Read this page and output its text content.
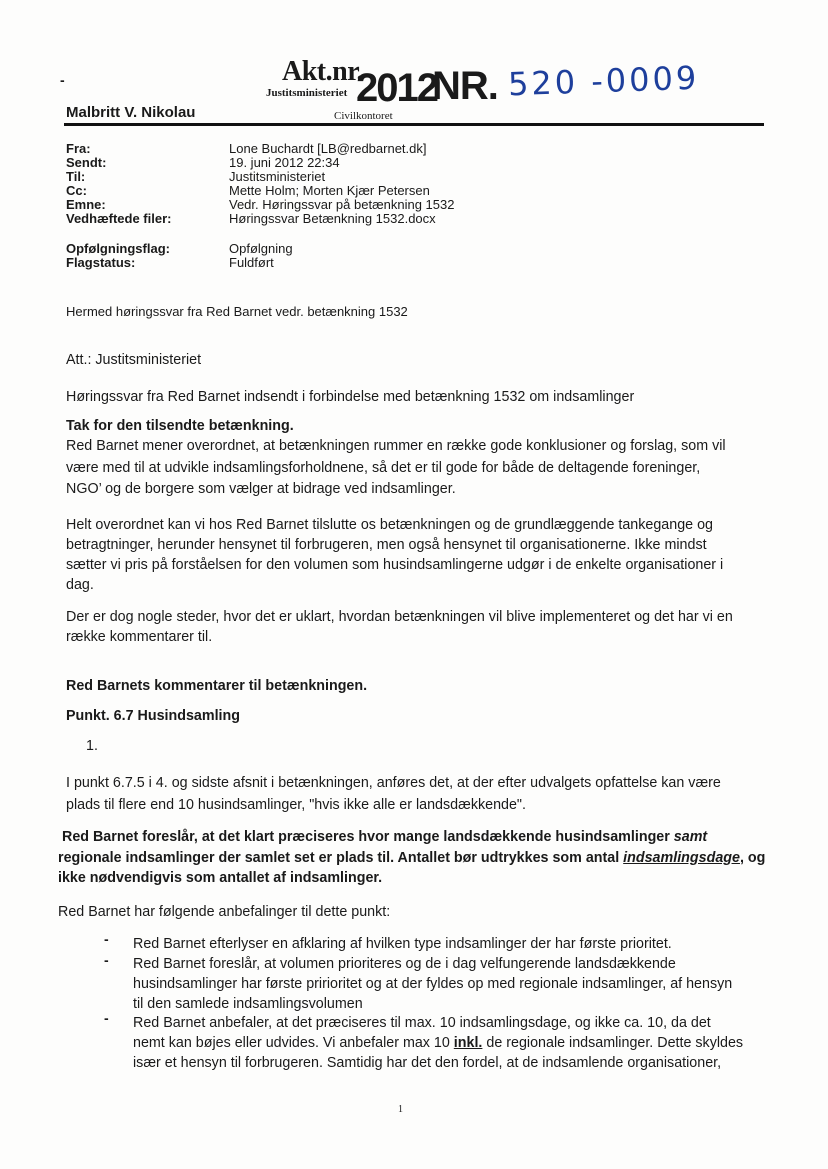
-	Akt.nr.
Justitsministeriet
Civilkontoret
2012
NR. 520 -0009
Malbritt V. Nikolau
Fra:	Lone Buchardt [LB@redbarnet.dk]
Sendt:	19. juni 2012 22:34
Til:	Justitsministeriet
Cc:	Mette Holm; Morten Kjær Petersen
Emne:	Vedr. Høringssvar på betænkning 1532
Vedhæftede filer:	Høringssvar Betænkning 1532.docx
Opfølgningsflag:	Opfølgning
Flagstatus:	Fuldført
Hermed høringssvar fra Red Barnet vedr. betænkning 1532
Att.: Justitsministeriet
Høringssvar fra Red Barnet indsendt i forbindelse med betænkning 1532 om indsamlinger
Tak for den tilsendte betænkning.
Red Barnet mener overordnet, at betænkningen rummer en række gode konklusioner og forslag, som vil
være med til at udvikle indsamlingsforholdnene, så det er til gode for både de deltagende foreninger,
NGO’ og de borgere som vælger at bidrage ved indsamlinger.
Helt overordnet kan vi hos Red Barnet tilslutte os betænkningen og de grundlæggende tankegange og
betragtninger, herunder hensynet til forbrugeren, men også hensynet til organisationerne. Ikke mindst
sætter vi pris på forståelsen for den volumen som husindsamlingerne udgør i de enkelte organisationer i
dag.
Der er dog nogle steder, hvor det er uklart, hvordan betænkningen vil blive implementeret og det har vi en
række kommentarer til.
Red Barnets kommentarer til betænkningen.
Punkt. 6.7 Husindsamling
1.
I punkt 6.7.5 i 4. og sidste afsnit i betænkningen, anføres det, at der efter udvalgets opfattelse kan være
plads til flere end 10 husindsamlinger, "hvis ikke alle er landsdækkende".
Red Barnet foreslår, at det klart præciseres hvor mange landsdækkende husindsamlinger samt
regionale indsamlinger der samlet set er plads til. Antallet bør udtrykkes som antal indsamlingsdage, og
ikke nødvendigvis som antallet af indsamlinger.
Red Barnet har følgende anbefalinger til dette punkt:
- Red Barnet efterlyser en afklaring af hvilken type indsamlinger der har første prioritet.
- Red Barnet foreslår, at volumen prioriteres og de i dag velfungerende landsdækkende
husindsamlinger har første pririoritet og at der fyldes op med regionale indsamlinger, af hensyn
til den samlede indsamlingsvolumen
- Red Barnet anbefaler, at det præciseres til max. 10 indsamlingsdage, og ikke ca. 10, da det
nemt kan bøjes eller udvides. Vi anbefaler max 10 inkl. de regionale indsamlinger. Dette skyldes
især et hensyn til forbrugeren. Samtidig har det den fordel, at de indsamlende organisationer,
1
